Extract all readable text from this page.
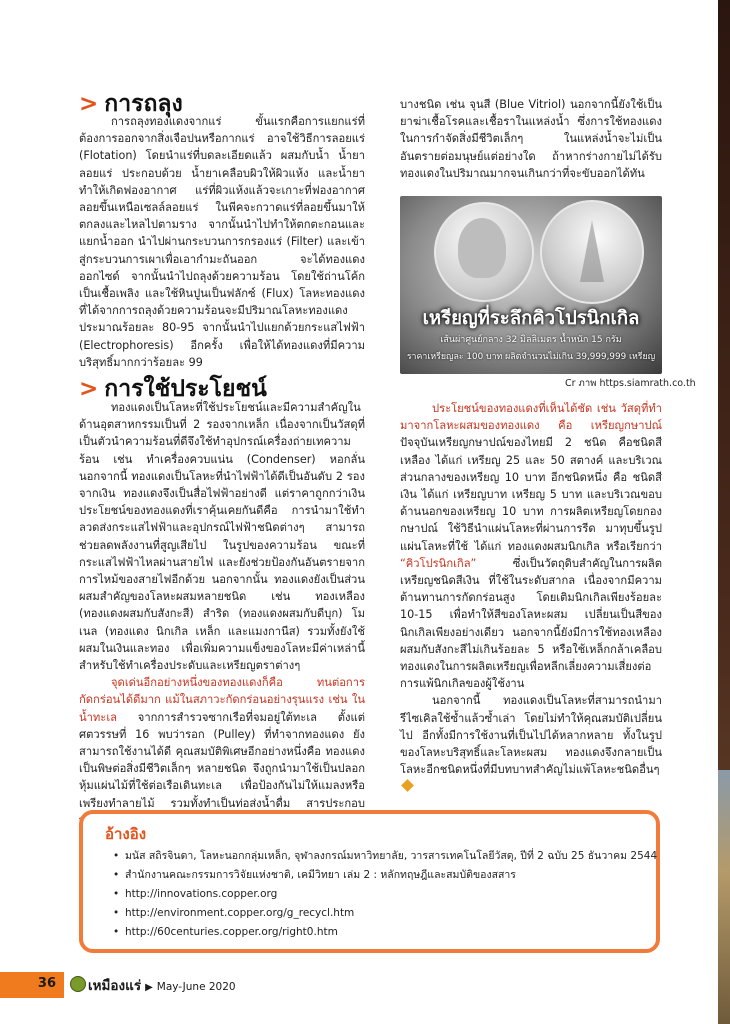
> การถลุง

การถลุงทองแดงจากแร่ ขั้นแรกคือการแยกแร่ที่ต้องการออกจากสิ่งเจือปนหรือกากแร่ อาจใช้วิธีการลอยแร่ (Flotation) โดยนำแร่ที่บดละเอียดแล้ว ผสมกับน้ำ น้ำยาลอยแร่ ประกอบด้วย น้ำยาเคลือบผิวให้ผิวแห้ง และน้ำยาทำให้เกิดฟองอากาศ แร่ที่ผิวแห้งแล้วจะเกาะที่ฟองอากาศลอยขึ้นเหนือเซลล์ลอยแร่ ในพีคจะกวาดแร่ที่ลอยขึ้นมาให้ตกลงและไหลไปตามราง จากนั้นนำไปทำให้ตกตะกอนและแยกน้ำออก นำไปผ่านกระบวนการกรองแร่ (Filter) และเข้าสู่กระบวนการเผาเพื่อเอากำมะถันออก จะได้ทองแดงออกไซด์ จากนั้นนำไปถลุงด้วยความร้อน โดยใช้ถ่านโค้กเป็นเชื้อเพลิง และใช้หินปูนเป็นฟลักซ์ (Flux) โลหะทองแดงที่ได้จากการถลุงด้วยความร้อนจะมีปริมาณโลหะทองแดงประมาณร้อยละ 80-95 จากนั้นนำไปแยกด้วยกระแสไฟฟ้า (Electrophoresis) อีกครั้ง เพื่อให้ได้ทองแดงที่มีความบริสุทธิ์มากกว่าร้อยละ 99

> การใช้ประโยชน์

ทองแดงเป็นโลหะที่ใช้ประโยชน์และมีความสำคัญในด้านอุตสาหกรรมเป็นที่ 2 รองจากเหล็ก เนื่องจากเป็นวัสดุที่เป็นตัวนำความร้อนที่ดีจึงใช้ทำอุปกรณ์เครื่องถ่ายเทความร้อน เช่น ทำเครื่องควบแน่น (Condenser) หอกลั่น นอกจากนี้ ทองแดงเป็นโลหะที่นำไฟฟ้าได้ดีเป็นอันดับ 2 รองจากเงิน ทองแดงจึงเป็นสื่อไฟฟ้าอย่างดี แต่ราคาถูกกว่าเงิน ประโยชน์ของทองแดงที่เราคุ้นเคยกันดีคือ การนำมาใช้ทำลวดส่งกระแสไฟฟ้าและอุปกรณ์ไฟฟ้าชนิดต่างๆ สามารถช่วยลดพลังงานที่สูญเสียไป ในรูปของความร้อน ขณะที่กระแสไฟฟ้าไหลผ่านสายไฟ และยังช่วยป้องกันอันตรายจากการไหม้ของสายไฟอีกด้วย นอกจากนั้น ทองแดงยังเป็นส่วนผสมสำคัญของโลหะผสมหลายชนิด เช่น ทองเหลือง (ทองแดงผสมกับสังกะสี) สำริด (ทองแดงผสมกับดีบุก) โมเนล (ทองแดง นิกเกิล เหล็ก และแมงกานีส) รวมทั้งยังใช้ผสมในเงินและทอง เพื่อเพิ่มความแข็งของโลหะมีค่าเหล่านี้ สำหรับใช้ทำเครื่องประดับและเหรียญตราต่างๆ

จุดเด่นอีกอย่างหนึ่งของทองแดงก็คือ ทนต่อการกัดกร่อนได้ดีมาก แม้ในสภาวะกัดกร่อนอย่างรุนแรง เช่น ในน้ำทะเล จากการสำรวจซากเรือที่จมอยู่ใต้ทะเล ตั้งแต่ศตวรรษที่ 16 พบว่ารอก (Pulley) ที่ทำจากทองแดง ยังสามารถใช้งานได้ดี คุณสมบัติพิเศษอีกอย่างหนึ่งคือ ทองแดงเป็นพิษต่อสิ่งมีชีวิตเล็กๆ หลายชนิด จึงถูกนำมาใช้เป็นปลอกหุ้มแผ่นไม้ที่ใช้ต่อเรือเดินทะเล เพื่อป้องกันไม่ให้แมลงหรือเพรียงทำลายไม้ รวมทั้งทำเป็นท่อส่งน้ำดื่ม สารประกอบ

บางชนิด เช่น จุนสี (Blue Vitriol) นอกจากนี้ยังใช้เป็นยาฆ่าเชื้อโรคและเชื้อราในแหล่งน้ำ ซึ่งการใช้ทองแดงในการกำจัดสิ่งมีชีวิตเล็กๆ ในแหล่งน้ำจะไม่เป็นอันตรายต่อมนุษย์แต่อย่างใด ถ้าหากร่างกายไม่ได้รับทองแดงในปริมาณมากจนเกินกว่าที่จะขับออกได้ทัน

เหรียญที่ระลึกคิวโปรนิกเกิล
เส้นผ่าศูนย์กลาง 32 มิลลิเมตร น้ำหนัก 15 กรัม
ราคาเหรียญละ 100 บาท ผลิตจำนวนไม่เกิน 39,999,999 เหรียญ
Cr ภาพ https.siamrath.co.th

ประโยชน์ของทองแดงที่เห็นได้ชัด เช่น วัสดุที่ทำมาจากโลหะผสมของทองแดง คือ เหรียญกษาปณ์ ปัจจุบันเหรียญกษาปณ์ของไทยมี 2 ชนิด คือชนิดสีเหลือง ได้แก่ เหรียญ 25 และ 50 สตางค์ และบริเวณส่วนกลางของเหรียญ 10 บาท อีกชนิดหนึ่ง คือ ชนิดสีเงิน ได้แก่ เหรียญบาท เหรียญ 5 บาท และบริเวณขอบด้านนอกของเหรียญ 10 บาท การผลิตเหรียญโดยกองกษาปณ์ ใช้วิธีนำแผ่นโลหะที่ผ่านการรีด มาทุบขึ้นรูป แผ่นโลหะที่ใช้ ได้แก่ ทองแดงผสมนิกเกิล หรือเรียกว่า “คิวโปรนิกเกิล” ซึ่งเป็นวัตถุดิบสำคัญในการผลิตเหรียญชนิดสีเงิน ที่ใช้ในระดับสากล เนื่องจากมีความต้านทานการกัดกร่อนสูง โดยเติมนิกเกิลเพียงร้อยละ 10-15 เพื่อทำให้สีของโลหะผสม เปลี่ยนเป็นสีของนิกเกิลเพียงอย่างเดียว นอกจากนี้ยังมีการใช้ทองเหลืองผสมกับสังกะสีไม่เกินร้อยละ 5 หรือใช้เหล็กกล้าเคลือบทองแดงในการผลิตเหรียญเพื่อหลีกเลี่ยงความเสี่ยงต่อการแพ้นิกเกิลของผู้ใช้งาน

นอกจากนี้ ทองแดงเป็นโลหะที่สามารถนำมารีไซเคิลใช้ซ้ำแล้วซ้ำเล่า โดยไม่ทำให้คุณสมบัติเปลี่ยนไป อีกทั้งมีการใช้งานที่เป็นไปได้หลากหลาย ทั้งในรูปของโลหะบริสุทธิ์และโลหะผสม ทองแดงจึงกลายเป็นโลหะอีกชนิดหนึ่งที่มีบทบาทสำคัญไม่แพ้โลหะชนิดอื่นๆ

อ้างอิง
• มนัส สถิรจินดา, โลหะนอกกลุ่มเหล็ก, จุฬาลงกรณ์มหาวิทยาลัย, วารสารเทคโนโลยีวัสดุ, ปีที่ 2 ฉบับ 25 ธันวาคม 2544
• สำนักงานคณะกรรมการวิจัยแห่งชาติ, เคมีวิทยา เล่ม 2 : หลักทฤษฎีและสมบัติของสสาร
• http://innovations.copper.org
• http://environment.copper.org/g_recycl.htm
• http://60centuries.copper.org/right0.htm
36	เหมืองแร่ ▶ May-June 2020
